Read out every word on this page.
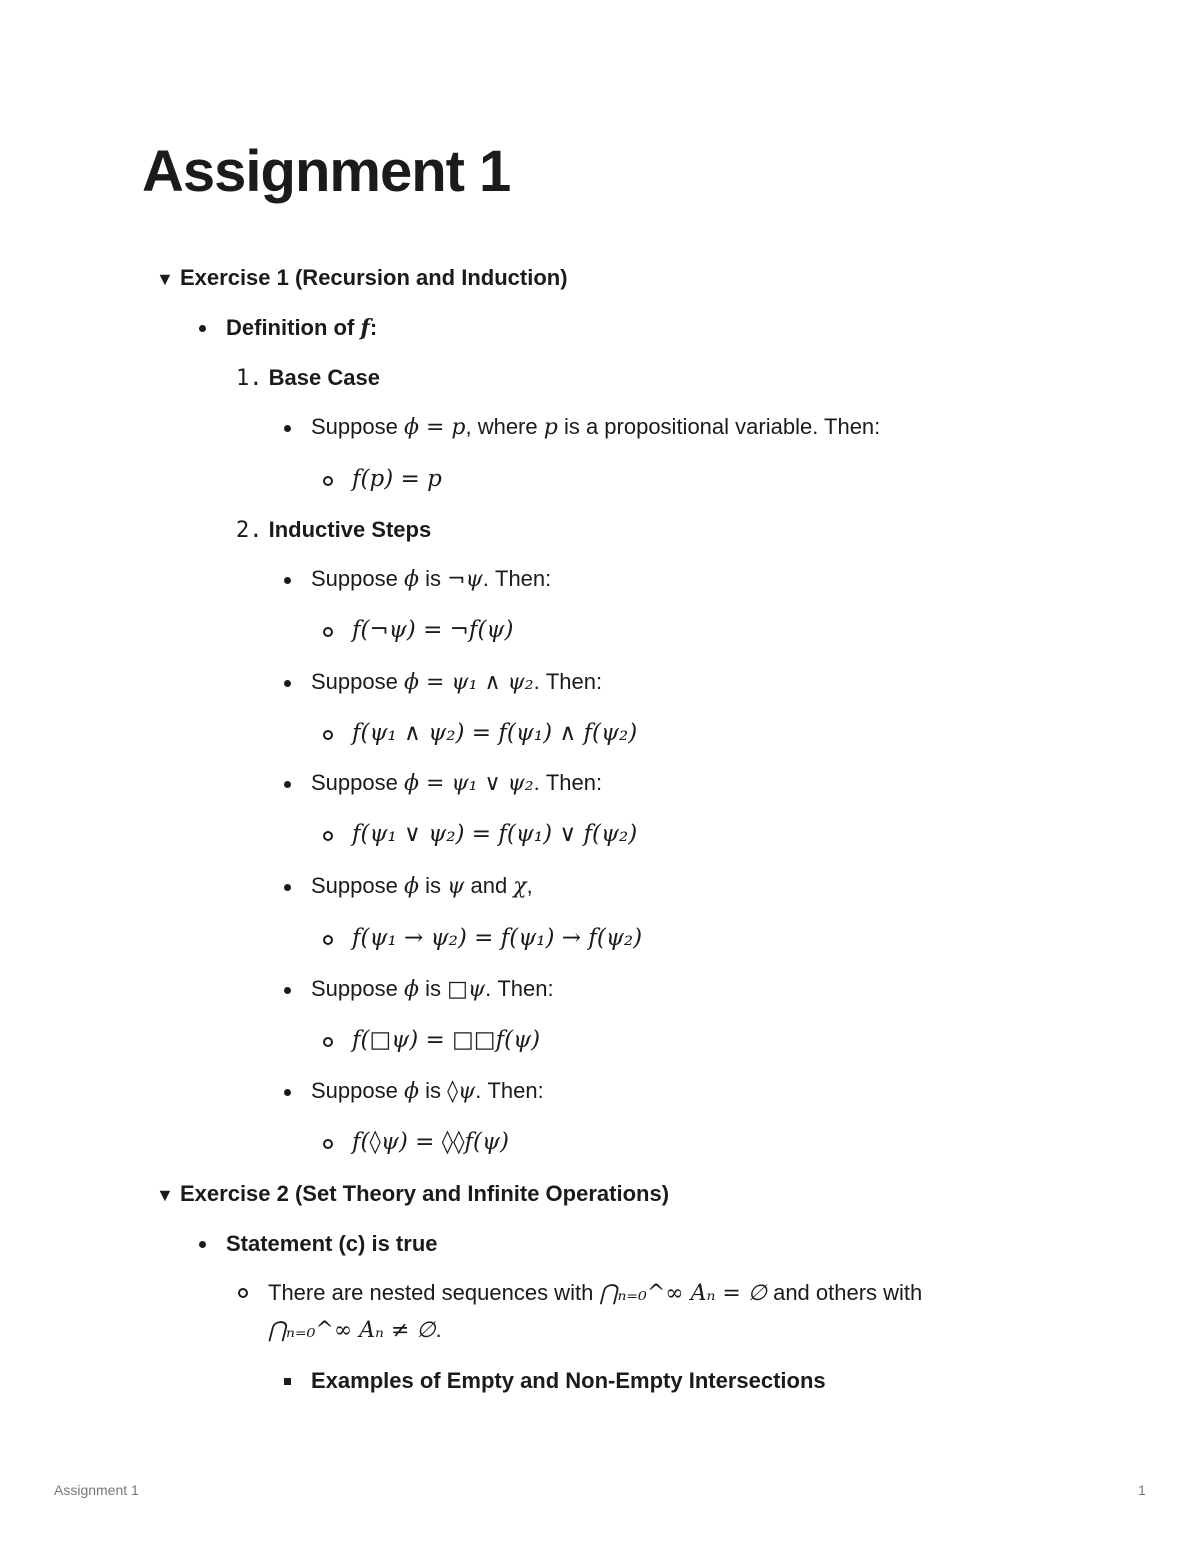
Assignment 1
▼ Exercise 1 (Recursion and Induction)
Definition of f:
1. Base Case
Suppose ϕ = p, where p is a propositional variable. Then:
f(p) = p
2. Inductive Steps
Suppose ϕ is ¬ψ. Then:
f(¬ψ) = ¬f(ψ)
Suppose ϕ = ψ₁ ∧ ψ₂. Then:
f(ψ₁ ∧ ψ₂) = f(ψ₁) ∧ f(ψ₂)
Suppose ϕ = ψ₁ ∨ ψ₂. Then:
f(ψ₁ ∨ ψ₂) = f(ψ₁) ∨ f(ψ₂)
Suppose ϕ is ψ and χ,
f(ψ₁ → ψ₂) = f(ψ₁) → f(ψ₂)
Suppose ϕ is □ψ. Then:
f(□ψ) = □□f(ψ)
Suppose ϕ is ◊ψ. Then:
f(◊ψ) = ◊◊f(ψ)
▼ Exercise 2 (Set Theory and Infinite Operations)
Statement (c) is true
There are nested sequences with ⋂ₙ₌₀^∞ Aₙ = ∅ and others with
⋂ₙ₌₀^∞ Aₙ ≠ ∅.
Examples of Empty and Non-Empty Intersections
Assignment 1	1
